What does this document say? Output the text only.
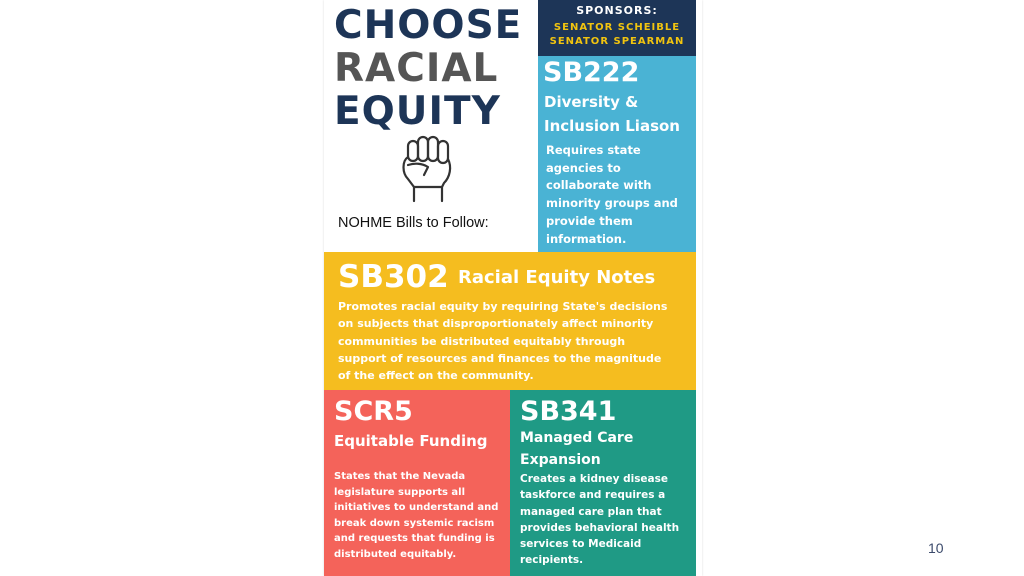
CHOOSE
RACIAL
EQUITY
NOHME Bills to Follow:
SPONSORS:
SENATOR SCHEIBLE
SENATOR SPEARMAN
SB222
Diversity &
Inclusion Liason
Requires state
agencies to
collaborate with
minority groups and
provide them
information.
SB302 Racial Equity Notes
Promotes racial equity by requiring State's decisions
on subjects that disproportionately affect minority
communities be distributed equitably through
support of resources and finances to the magnitude
of the effect on the community.
SCR5
Equitable Funding
States that the Nevada
legislature supports all
initiatives to understand and
break down systemic racism
and requests that funding is
distributed equitably.
SB341
Managed Care
Expansion
Creates a kidney disease
taskforce and requires a
managed care plan that
provides behavioral health
services to Medicaid
recipients.
10
